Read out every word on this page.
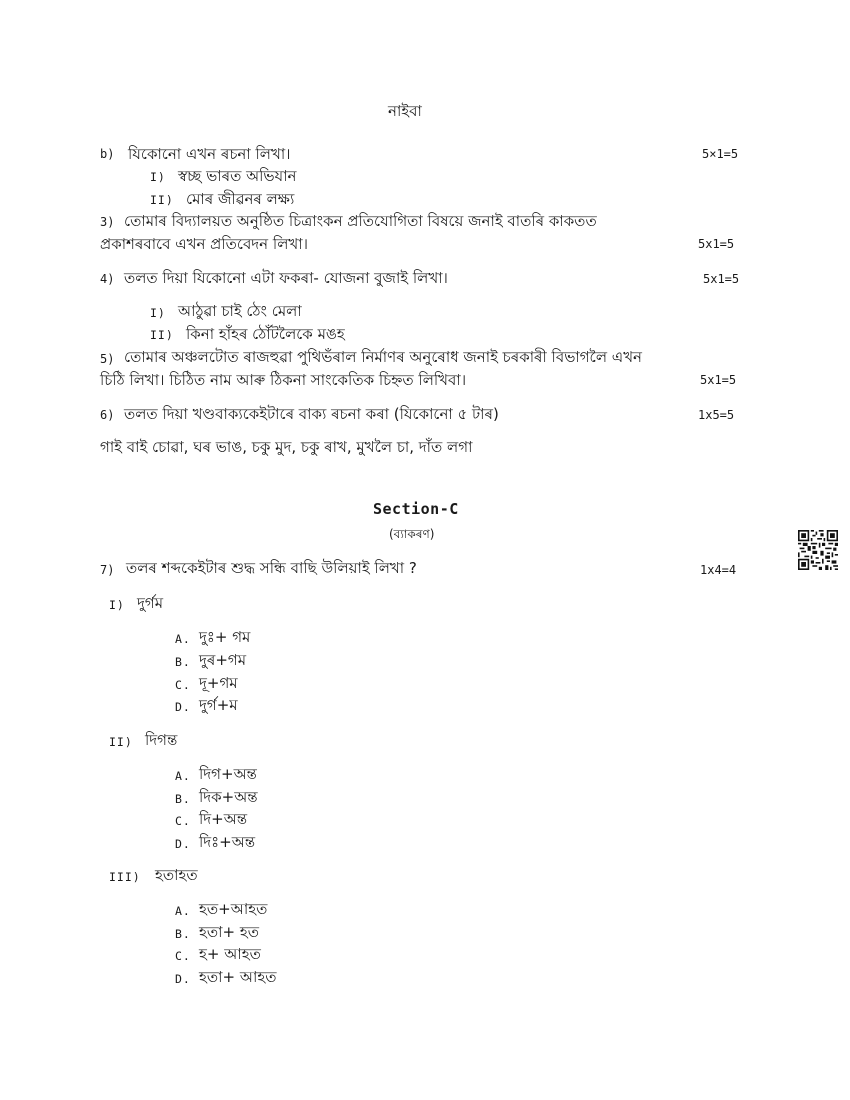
নাইবা
b) যিকোনো এখন ৰচনা লিখা।	5×1=5
I) স্বচ্ছ ভাৰত অভিযান
II) মোৰ জীৱনৰ লক্ষ্য
3) তোমাৰ বিদ্যালয়ত অনুষ্ঠিত চিত্ৰাংকন প্ৰতিযোগিতা বিষয়ে জনাই বাতৰি কাকতত
প্ৰকাশৰবাবে এখন প্ৰতিবেদন লিখা।	5x1=5
4) তলত দিয়া যিকোনো এটা ফকৰা- যোজনা বুজাই লিখা।	5x1=5
I) আঠুৱা চাই ঠেং মেলা
II) কিনা হাঁহৰ ঠোঁটলৈকে মঙহ
5) তোমাৰ অঞ্চলটোত ৰাজহুৱা পুথিভঁৰাল নিৰ্মাণৰ অনুৰোধ জনাই চৰকাৰী বিভাগলৈ এখন
চিঠি লিখা। চিঠিত নাম আৰু ঠিকনা সাংকেতিক চিহ্নত লিখিবা।	5x1=5
6) তলত দিয়া খণ্ডবাক্যকেইটাৰে বাক্য ৰচনা কৰা (যিকোনো ৫ টাৰ)	1x5=5
গাই বাই চোৱা, ঘৰ ভাঙ, চকু মুদ, চকু ৰাখ, মুখলৈ চা, দাঁত লগা
Section-C
(ব্যাকৰণ)
7) তলৰ শব্দকেইটাৰ শুদ্ধ সন্ধি বাছি উলিয়াই লিখা ?	1x4=4
I) দুৰ্গম
A. দুঃ+ গম
B. দুৰ+গম
C. দূ+গম
D. দুৰ্গ+ম
II) দিগন্ত
A. দিগ+অন্ত
B. দিক+অন্ত
C. দি+অন্ত
D. দিঃ+অন্ত
III) হতাহত
A. হত+আহত
B. হতা+ হত
C. হ+ আহত
D. হতা+ আহত
